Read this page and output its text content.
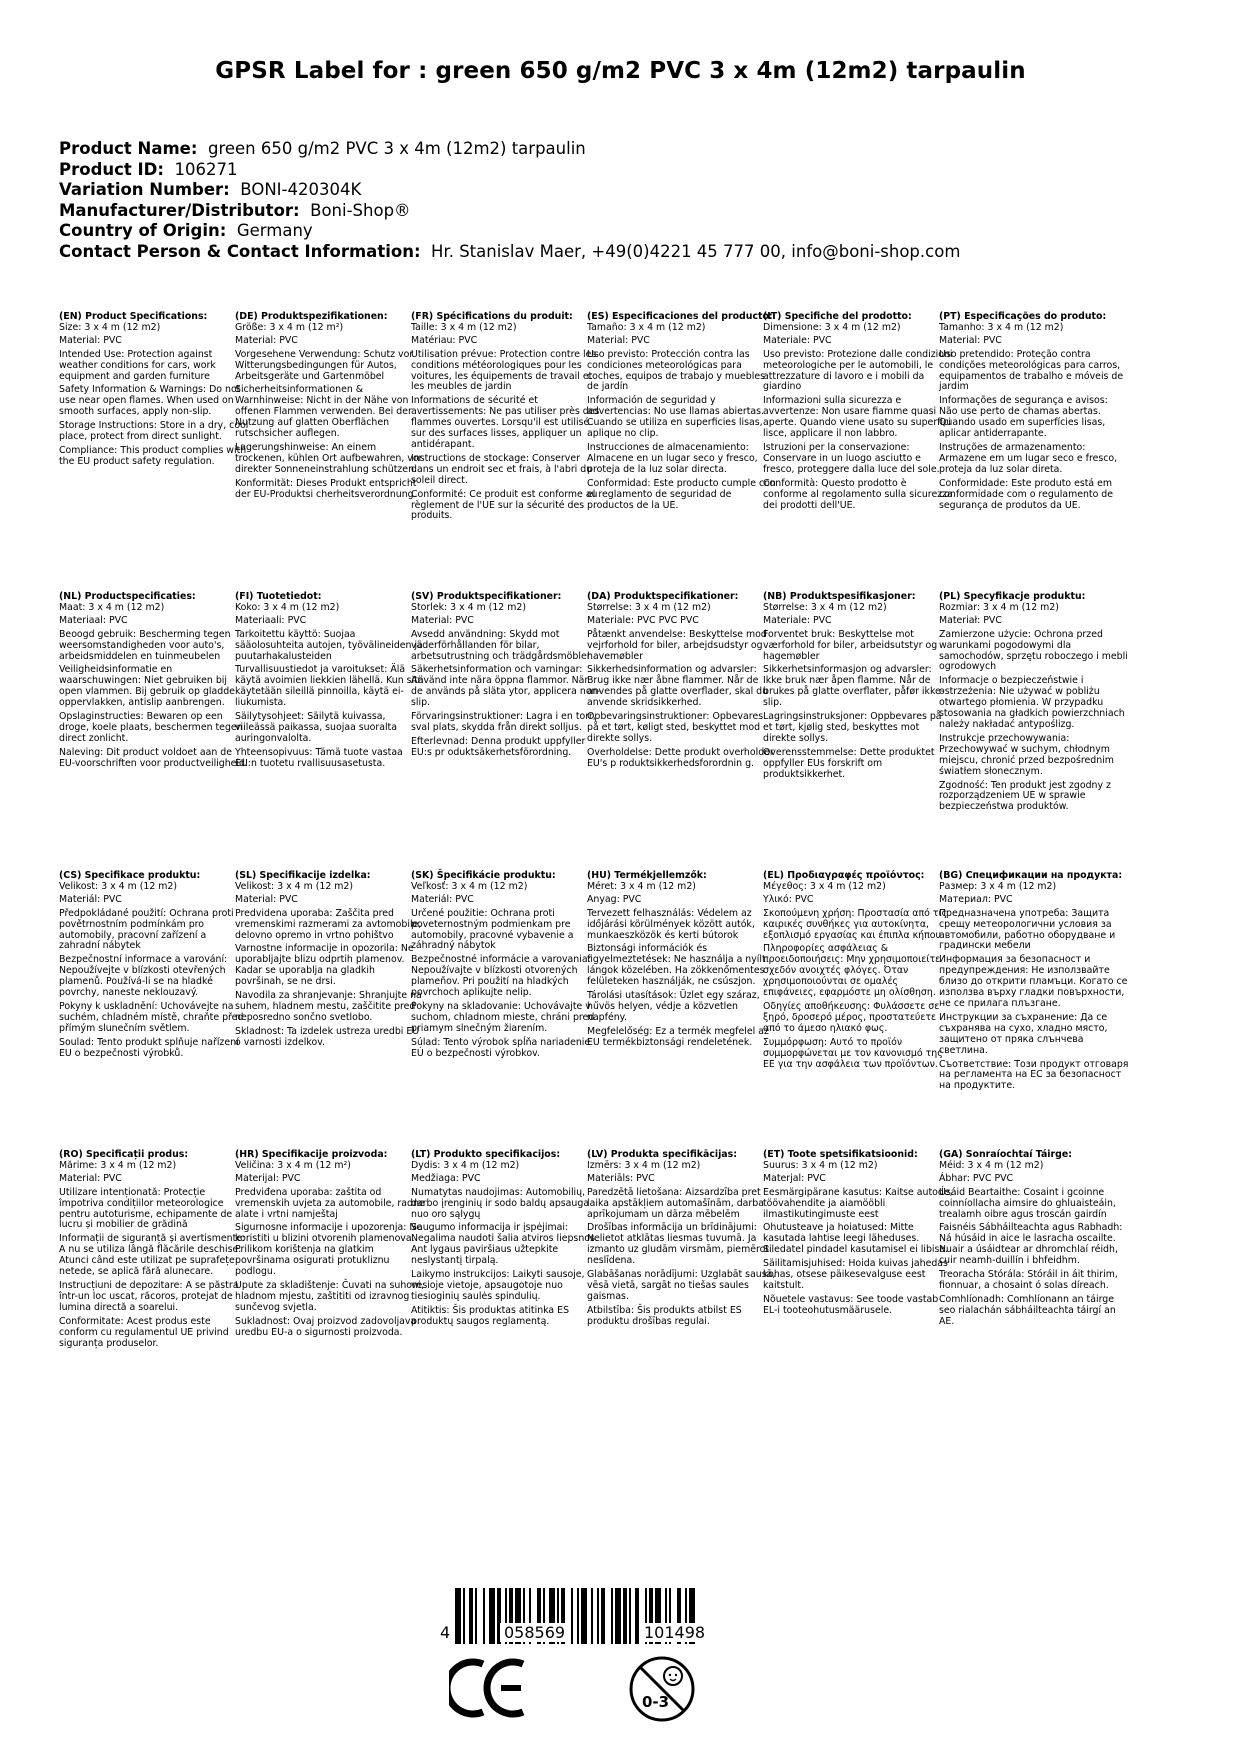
GPSR Label for : green 650 g/m2 PVC 3 x 4m (12m2) tarpaulin
Product Name: green 650 g/m2 PVC 3 x 4m (12m2) tarpaulin
Product ID: 106271
Variation Number: BONI-420304K
Manufacturer/Distributor: Boni-Shop®
Country of Origin: Germany
Contact Person & Contact Information: Hr. Stanislav Maer, +49(0)4221 45 777 00, info@boni-shop.com
(EN) Product Specifications:

Size: 3 x 4 m (12 m2)

Material: PVC

Intended Use: Protection against weather conditions for cars, work equipment and garden furniture

Safety Information & Warnings: Do not use near open flames. When used on smooth surfaces, apply non-slip.

Storage Instructions: Store in a dry, cool place, protect from direct sunlight.

Compliance: This product complies with the EU product safety regulation.

(DE) Produktspezifikationen:

Größe: 3 x 4 m (12 m²)

Material: PVC

Vorgesehene Verwendung: Schutz vor Witterungsbedingungen für Autos, Arbeitsgeräte und Gartenmöbel

Sicherheitsinformationen & Warnhinweise: Nicht in der Nähe von offenen Flammen verwenden. Bei der Nutzung auf glatten Oberflächen rutschsicher auflegen.

Lagerungshinweise: An einem trockenen, kühlen Ort aufbewahren, vor direkter Sonneneinstrahlung schützen.

Konformität: Dieses Produkt entspricht der EU-Produktsi cherheitsverordnung.

(FR) Spécifications du produit:

Taille: 3 x 4 m (12 m2)

Matériau: PVC

Utilisation prévue: Protection contre les conditions météorologiques pour les voitures, les équipements de travail et les meubles de jardin

Informations de sécurité et avertissements: Ne pas utiliser près des flammes ouvertes. Lorsqu'il est utilisé sur des surfaces lisses, appliquer un antidérapant.

Instructions de stockage: Conserver dans un endroit sec et frais, à l'abri du soleil direct.

Conformité: Ce produit est conforme au règlement de l'UE sur la sécurité des produits.

(ES) Especificaciones del producto:

Tamaño: 3 x 4 m (12 m2)

Material: PVC

Uso previsto: Protección contra las condiciones meteorológicas para coches, equipos de trabajo y muebles de jardín

Información de seguridad y advertencias: No use llamas abiertas. Cuando se utiliza en superficies lisas, aplique no clip.

Instrucciones de almacenamiento: Almacene en un lugar seco y fresco, proteja de la luz solar directa.

Conformidad: Este producto cumple con el reglamento de seguridad de productos de la UE.

(IT) Specifiche del prodotto:

Dimensione: 3 x 4 m (12 m2)

Materiale: PVC

Uso previsto: Protezione dalle condizioni meteorologiche per le automobili, le attrezzature di lavoro e i mobili da giardino

Informazioni sulla sicurezza e avvertenze: Non usare fiamme quasi aperte. Quando viene usato su superfici lisce, applicare il non labbro.

Istruzioni per la conservazione: Conservare in un luogo asciutto e fresco, proteggere dalla luce del sole.

Conformità: Questo prodotto è conforme al regolamento sulla sicurezza dei prodotti dell'UE.

(PT) Especificações do produto:

Tamanho: 3 x 4 m (12 m2)

Material: PVC

Uso pretendido: Proteção contra condições meteorológicas para carros, equipamentos de trabalho e móveis de jardim

Informações de segurança e avisos: Não use perto de chamas abertas. Quando usado em superfícies lisas, aplicar antiderrapante.

Instruções de armazenamento: Armazene em um lugar seco e fresco, proteja da luz solar direta.

Conformidade: Este produto está em conformidade com o regulamento de segurança de produtos da UE.

(NL) Productspecificaties:

Maat: 3 x 4 m (12 m2)

Materiaal: PVC

Beoogd gebruik: Bescherming tegen weersomstandigheden voor auto's, arbeidsmiddelen en tuinmeubelen

Veiligheidsinformatie en waarschuwingen: Niet gebruiken bij open vlammen. Bij gebruik op gladde oppervlakken, antislip aanbrengen.

Opslaginstructies: Bewaren op een droge, koele plaats, beschermen tegen direct zonlicht.

Naleving: Dit product voldoet aan de EU-voorschriften voor productveiligheid.

(FI) Tuotetiedot:

Koko: 3 x 4 m (12 m2)

Materiaali: PVC

Tarkoitettu käyttö: Suojaa sääolosuhteita autojen, työvälineiden ja puutarhakalusteiden

Turvallisuustiedot ja varoitukset: Älä käytä avoimien liekkien lähellä. Kun sitä käytetään sileillä pinnoilla, käytä ei-liukumista.

Säilytysohjeet: Säilytä kuivassa, viileässä paikassa, suojaa suoralta auringonvalolta.

Yhteensopivuus: Tämä tuote vastaa EU:n tuotetu rvallisuusasetusta.

(SV) Produktspecifikationer:

Storlek: 3 x 4 m (12 m2)

Material: PVC

Avsedd användning: Skydd mot väderförhållanden för bilar, arbetsutrustning och trädgårdsmöbler

Säkerhetsinformation och varningar: Använd inte nära öppna flammor. När de används på släta ytor, applicera non-slip.

Förvaringsinstruktioner: Lagra i en torr, sval plats, skydda från direkt solljus.

Efterlevnad: Denna produkt uppfyller EU:s pr oduktsäkerhetsförordning.

(DA) Produktspecifikationer:

Størrelse: 3 x 4 m (12 m2)

Materiale: PVC PVC PVC

Påtænkt anvendelse: Beskyttelse mod vejrforhold for biler, arbejdsudstyr og havemøbler

Sikkerhedsinformation og advarsler: Brug ikke nær åbne flammer. Når de anvendes på glatte overflader, skal du anvende skridsikkerhed.

Opbevaringsinstruktioner: Opbevares på et tørt, køligt sted, beskyttet mod direkte sollys.

Overholdelse: Dette produkt overholder EU's p roduktsikkerhedsforordnin g.

(NB) Produktspesifikasjoner:

Størrelse: 3 x 4 m (12 m2)

Materiale: PVC

Forventet bruk: Beskyttelse mot værforhold for biler, arbeidsutstyr og hagemøbler

Sikkerhetsinformasjon og advarsler: Ikke bruk nær åpen flamme. Når de brukes på glatte overflater, påfør ikke-slip.

Lagringsinstruksjoner: Oppbevares på et tørt, kjølig sted, beskyttes mot direkte sollys.

Overensstemmelse: Dette produktet oppfyller EUs forskrift om produktsikkerhet.

(PL) Specyfikacje produktu:

Rozmiar: 3 x 4 m (12 m2)

Materiał: PVC

Zamierzone użycie: Ochrona przed warunkami pogodowymi dla samochodów, sprzętu roboczego i mebli ogrodowych

Informacje o bezpieczeństwie i ostrzeżenia: Nie używać w pobliżu otwartego płomienia. W przypadku stosowania na gładkich powierzchniach należy nakładać antypoślizg.

Instrukcje przechowywania: Przechowywać w suchym, chłodnym miejscu, chronić przed bezpośrednim światłem słonecznym.

Zgodność: Ten produkt jest zgodny z rozporządzeniem UE w sprawie bezpieczeństwa produktów.

(CS) Specifikace produktu:

Velikost: 3 x 4 m (12 m2)

Materiál: PVC

Předpokládané použití: Ochrana proti povětrnostním podmínkám pro automobily, pracovní zařízení a zahradní nábytek

Bezpečnostní informace a varování: Nepoužívejte v blízkosti otevřených plamenů. Používá-li se na hladké povrchy, naneste neklouzavý.

Pokyny k uskladnění: Uchovávejte na suchém, chladném místě, chraňte před přímým slunečním světlem.

Soulad: Tento produkt splňuje nařízení EU o bezpečnosti výrobků.

(SL) Specifikacije izdelka:

Velikost: 3 x 4 m (12 m2)

Material: PVC

Predvidena uporaba: Zaščita pred vremenskimi razmerami za avtomobile, delovno opremo in vrtno pohištvo

Varnostne informacije in opozorila: Ne uporabljajte blizu odprtih plamenov. Kadar se uporablja na gladkih površinah, se ne drsi.

Navodila za shranjevanje: Shranjujte na suhem, hladnem mestu, zaščitite pred neposredno sončno svetlobo.

Skladnost: Ta izdelek ustreza uredbi EU o varnosti izdelkov.

(SK) Špecifikácie produktu:

Veľkosť: 3 x 4 m (12 m2)

Materiál: PVC

Určené použitie: Ochrana proti poveternostným podmienkam pre automobily, pracovné vybavenie a záhradný nábytok

Bezpečnostné informácie a varovania: Nepoužívajte v blízkosti otvorených plameňov. Pri použití na hladkých povrchoch aplikujte nelip.

Pokyny na skladovanie: Uchovávajte v suchom, chladnom mieste, chráni pred priamym slnečným žiarením.

Súlad: Tento výrobok spĺňa nariadenie EÚ o bezpečnosti výrobkov.

(HU) Termékjellemzők:

Méret: 3 x 4 m (12 m2)

Anyag: PVC

Tervezett felhasználás: Védelem az időjárási körülmények között autók, munkaeszközök és kerti bútorok

Biztonsági információk és figyelmeztetések: Ne használja a nyílt lángok közelében. Ha zökkenőmentes felületeken használják, ne csúszjon.

Tárolási utasítások: Üzlet egy száraz, hűvös helyen, védje a közvetlen napfény.

Megfelelőség: Ez a termék megfelel az EU termékbiztonsági rendeletének.

(EL) Προδιαγραφές προϊόντος:

Μέγεθος: 3 x 4 m (12 m2)

Υλικό: PVC

Σκοπούμενη χρήση: Προστασία από τις καιρικές συνθήκες για αυτοκίνητα, εξοπλισμό εργασίας και έπιπλα κήπου

Πληροφορίες ασφάλειας & προειδοποιήσεις: Μην χρησιμοποιείτε σχεδόν ανοιχτές φλόγες. Όταν χρησιμοποιούνται σε ομαλές επιφάνειες, εφαρμόστε μη ολίσθηση.

Οδηγίες αποθήκευσης: Φυλάσσετε σε ξηρό, δροσερό μέρος, προστατεύετε από το άμεσο ηλιακό φως.

Συμμόρφωση: Αυτό το προϊόν συμμορφώνεται με τον κανονισμό της ΕΕ για την ασφάλεια των προϊόντων.

(BG) Спецификации на продукта:

Размер: 3 x 4 m (12 m2)

Материал: PVC

Предназначена употреба: Защита срещу метеорологични условия за автомобили, работно оборудване и градински мебели

Информация за безопасност и предупреждения: Не използвайте близо до открити пламъци. Когато се използва върху гладки повърхности, не се прилага плъзгане.

Инструкции за съхранение: Да се съхранява на сухо, хладно място, защитено от пряка слънчева светлина.

Съответствие: Този продукт отговаря на регламента на ЕС за безопасност на продуктите.

(RO) Specificații produs:

Mărime: 3 x 4 m (12 m2)

Material: PVC

Utilizare intenționată: Protecție împotriva condițiilor meteorologice pentru autoturisme, echipamente de lucru și mobilier de grădină

Informații de siguranță și avertismente: A nu se utiliza lângă flăcările deschise. Atunci când este utilizat pe suprafețe netede, se aplică fără alunecare.

Instrucțiuni de depozitare: A se păstra într-un loc uscat, răcoros, protejat de lumina directă a soarelui.

Conformitate: Acest produs este conform cu regulamentul UE privind siguranța produselor.

(HR) Specifikacije proizvoda:

Veličina: 3 x 4 m (12 m²)

Materijal: PVC

Predviđena uporaba: zaštita od vremenskih uvjeta za automobile, radne alate i vrtni namještaj

Sigurnosne informacije i upozorenja: Ne koristiti u blizini otvorenih plamenova. Prilikom korištenja na glatkim površinama osigurati protukliznu podlogu.

Upute za skladištenje: Čuvati na suhom, hladnom mjestu, zaštititi od izravnog sunčevog svjetla.

Sukladnost: Ovaj proizvod zadovoljava uredbu EU-a o sigurnosti proizvoda.

(LT) Produkto specifikacijos:

Dydis: 3 x 4 m (12 m2)

Medžiaga: PVC

Numatytas naudojimas: Automobilių, darbo įrenginių ir sodo baldų apsauga nuo oro sąlygų

Saugumo informacija ir įspėjimai: Negalima naudoti šalia atviros liepsnos. Ant lygaus paviršiaus užtepkite neslystantį tirpalą.

Laikymo instrukcijos: Laikyti sausoje, vėsioje vietoje, apsaugotoje nuo tiesioginių saulės spindulių.

Atitiktis: Šis produktas atitinka ES produktų saugos reglamentą.

(LV) Produkta specifikācijas:

Izmērs: 3 x 4 m (12 m2)

Materiāls: PVC

Paredzētā lietošana: Aizsardzība pret laika apstākļiem automašīnām, darba aprīkojumam un dārza mēbelēm

Drošības informācija un brīdinājumi: Nelietot atklātas liesmas tuvumā. Ja izmanto uz gludām virsmām, piemērot neslīdena.

Glabāšanas norādījumi: Uzglabāt sausā, vēsā vietā, sargāt no tiešas saules gaismas.

Atbilstība: Šis produkts atbilst ES produktu drošības regulai.

(ET) Toote spetsifikatsioonid:

Suurus: 3 x 4 m (12 m2)

Materjal: PVC

Eesmärgipärane kasutus: Kaitse autode, töövahendite ja aiamööbli ilmastikutingimuste eest

Ohutusteave ja hoiatused: Mitte kasutada lahtise leegi läheduses. Siledatel pindadel kasutamisel ei libise.

Säilitamisjuhised: Hoida kuivas jahedas kohas, otsese päikesevalguse eest kaitstult.

Nõuetele vastavus: See toode vastab EL-i tooteohutusmäärusele.

(GA) Sonraíochtaí Táirge:

Méid: 3 x 4 m (12 m2)

Ábhar: PVC PVC

Úsáid Beartaithe: Cosaint i gcoinne coinníollacha aimsire do ghluaisteáin, trealamh oibre agus troscán gairdín

Faisnéis Sábháilteachta agus Rabhadh: Ná húsáid in aice le lasracha oscailte. Nuair a úsáidtear ar dhromchlaí réidh, cuir neamh-duillín i bhfeidhm.

Treoracha Stórála: Stóráil in áit thirim, fionnuar, a chosaint ó solas díreach.

Comhlíonadh: Comhlíonann an táirge seo rialachán sábháilteachta táirgí an AE.

4	058569	101498
0-3
